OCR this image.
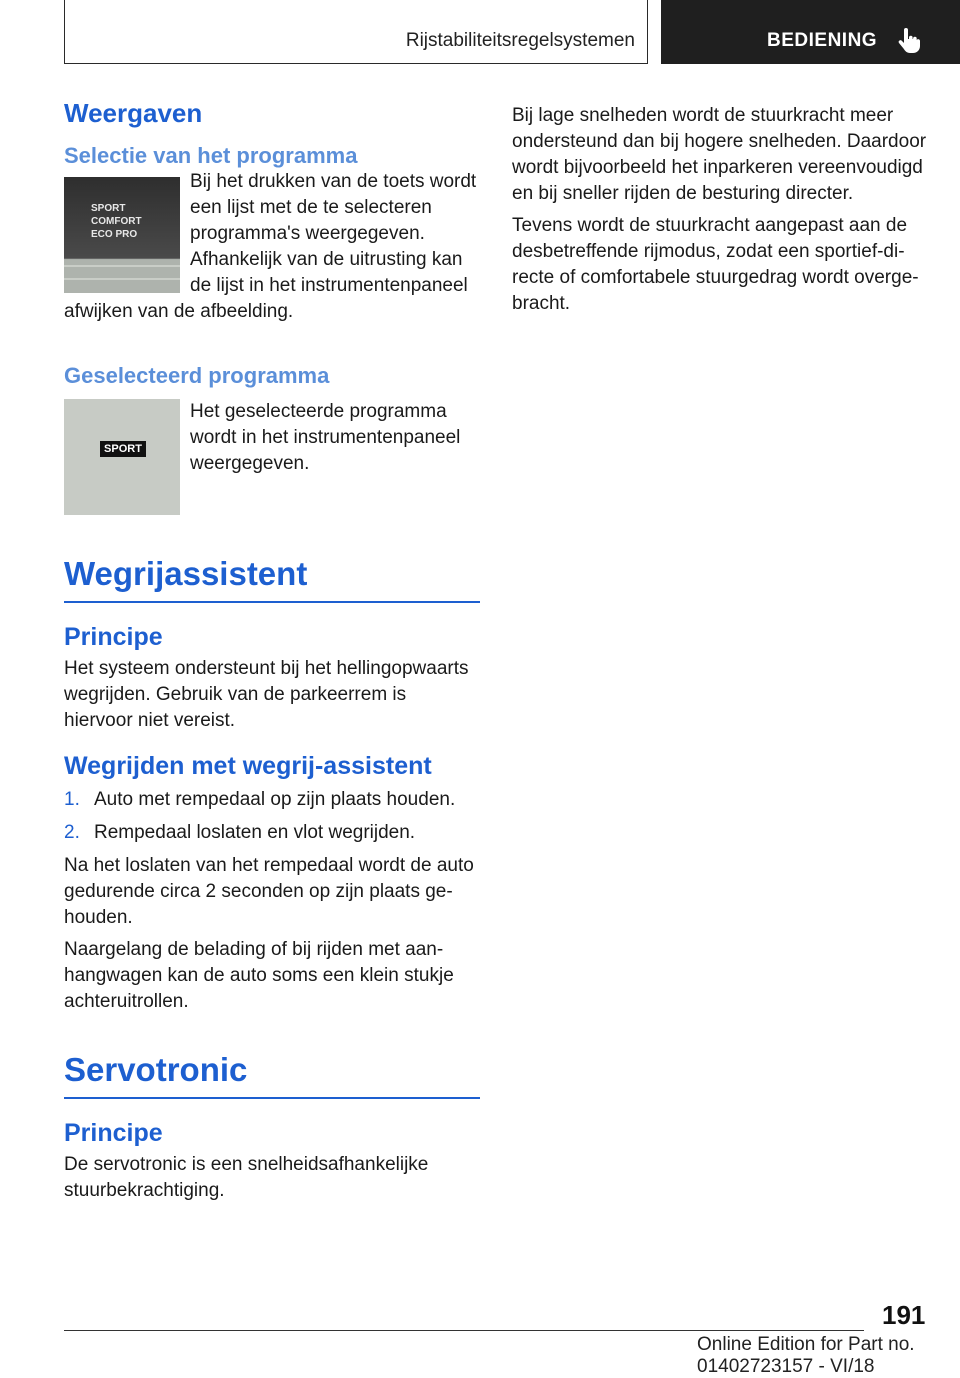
Rijstabiliteitsregelsystemen	BEDIENING
Weergaven
Selectie van het programma
SPORT
COMFORT
ECO PRO

Bij het drukken van de toets wordt een lijst met de te selecteren programma's weergegeven. Afhankelijk van de uitrusting kan de lijst in het instrumentenpaneel afwijken van de afbeelding.

Geselecteerd programma
SPORT

Het geselecteerde programma wordt in het instrumentenpaneel weergegeven.

Wegrijassistent
Principe

Het systeem ondersteunt bij het hellingopwaarts wegrijden. Gebruik van de parkeerrem is hiervoor niet vereist.

Wegrijden met wegrij-assistent
1. Auto met rempedaal op zijn plaats houden.
2. Rempedaal loslaten en vlot wegrijden.

Na het loslaten van het rempedaal wordt de auto gedurende circa 2 seconden op zijn plaats gehouden.

Naargelang de belading of bij rijden met aanhangwagen kan de auto soms een klein stukje achteruitrollen.

Servotronic
Principe

De servotronic is een snelheidsafhankelijke stuurbekrachtiging.

Bij lage snelheden wordt de stuurkracht meer ondersteund dan bij hogere snelheden. Daardoor wordt bijvoorbeeld het inparkeren vereenvoudigd en bij sneller rijden de besturing directer.

Tevens wordt de stuurkracht aangepast aan de desbetreffende rijmodus, zodat een sportief-directe of comfortabele stuurgedrag wordt overgebracht.

191
Online Edition for Part no. 01402723157 - VI/18
